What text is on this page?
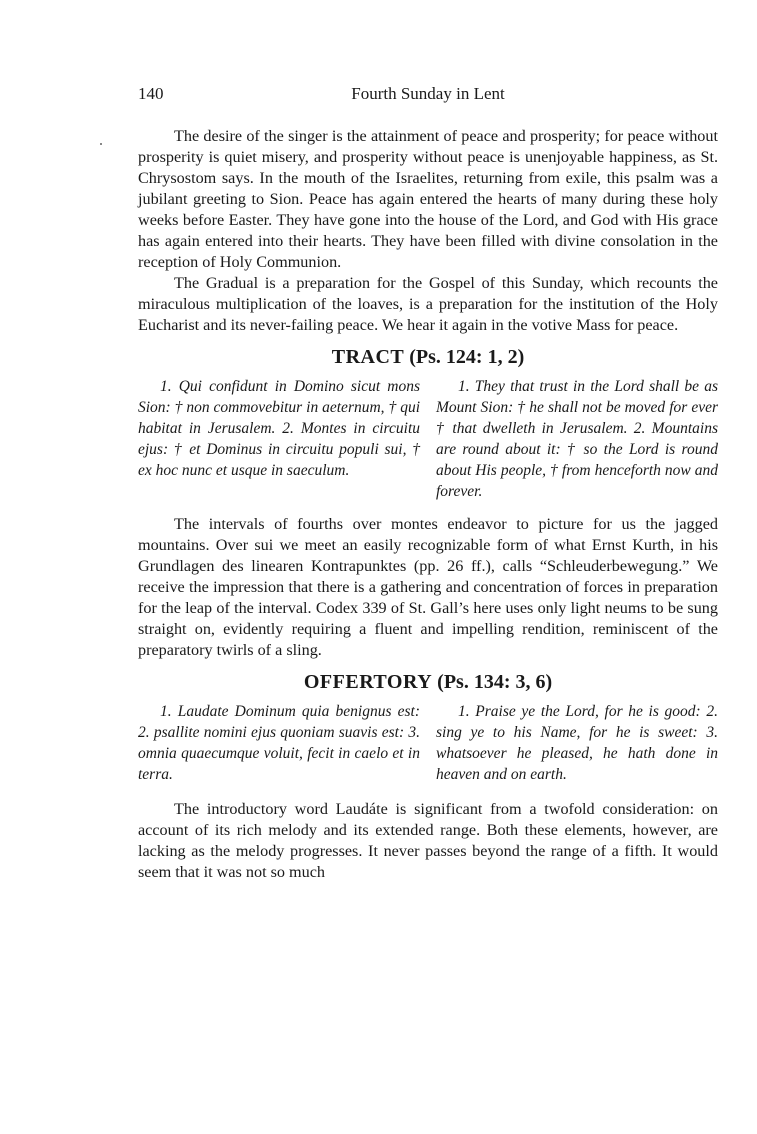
140	Fourth Sunday in Lent

The desire of the singer is the attainment of peace and prosperity; for peace without prosperity is quiet misery, and prosperity without peace is unenjoyable happiness, as St. Chrysostom says. In the mouth of the Israelites, returning from exile, this psalm was a jubilant greeting to Sion. Peace has again entered the hearts of many during these holy weeks before Easter. They have gone into the house of the Lord, and God with His grace has again entered into their hearts. They have been filled with divine consolation in the reception of Holy Communion.

The Gradual is a preparation for the Gospel of this Sunday, which recounts the miraculous multiplication of the loaves, is a preparation for the institution of the Holy Eucharist and its never-failing peace. We hear it again in the votive Mass for peace.

TRACT (Ps. 124: 1, 2)
1. Qui confidunt in Domino sicut mons Sion: † non commovebitur in aeternum, † qui habitat in Jerusalem. 2. Montes in circuitu ejus: † et Dominus in circuitu populi sui, † ex hoc nunc et usque in saeculum.
1. They that trust in the Lord shall be as Mount Sion: † he shall not be moved for ever † that dwelleth in Jerusalem. 2. Mountains are round about it: † so the Lord is round about His people, † from henceforth now and forever.

The intervals of fourths over montes endeavor to picture for us the jagged mountains. Over sui we meet an easily recognizable form of what Ernst Kurth, in his Grundlagen des linearen Kontrapunktes (pp. 26 ff.), calls “Schleuderbewegung.” We receive the impression that there is a gathering and concentration of forces in preparation for the leap of the interval. Codex 339 of St. Gall’s here uses only light neums to be sung straight on, evidently requiring a fluent and impelling rendition, reminiscent of the preparatory twirls of a sling.

OFFERTORY (Ps. 134: 3, 6)
1. Laudate Dominum quia benignus est: 2. psallite nomini ejus quoniam suavis est: 3. omnia quaecumque voluit, fecit in caelo et in terra.
1. Praise ye the Lord, for he is good: 2. sing ye to his Name, for he is sweet: 3. whatsoever he pleased, he hath done in heaven and on earth.

The introductory word Laudáte is significant from a twofold consideration: on account of its rich melody and its extended range. Both these elements, however, are lacking as the melody progresses. It never passes beyond the range of a fifth. It would seem that it was not so much
